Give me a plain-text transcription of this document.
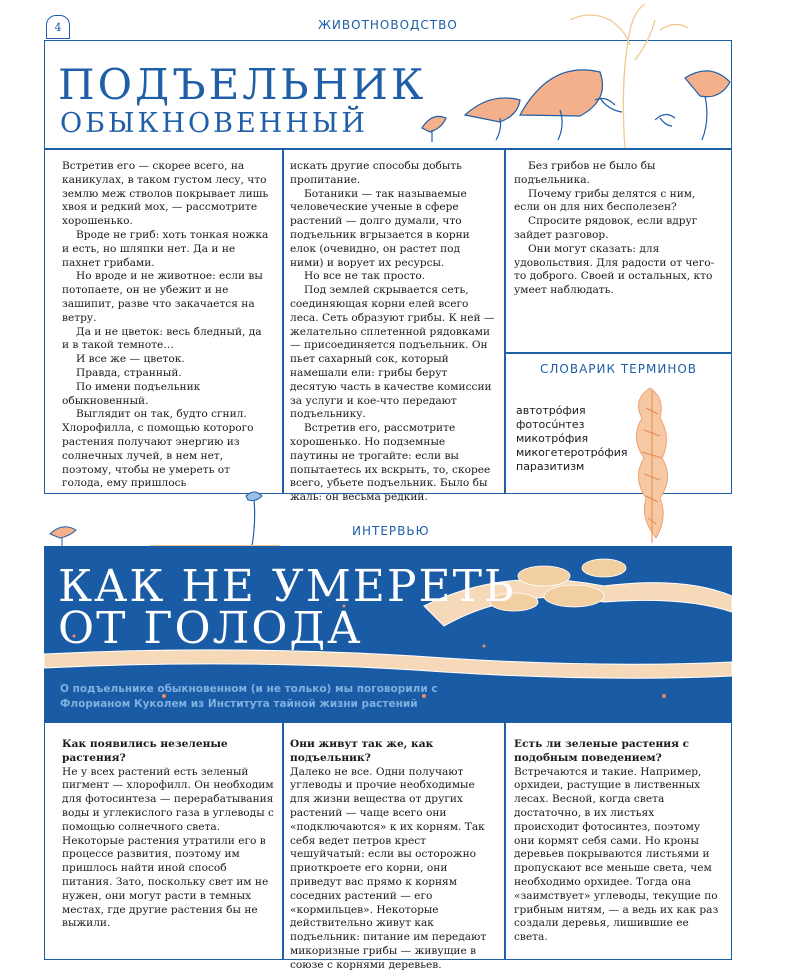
4	ЖИВОТНОВОДСТВО
ПОДЪЕЛЬНИК
ОБЫКНОВЕННЫЙ

Встретив его — скорее всего, на каникулах, в таком густом лесу, что землю меж стволов покрывает лишь хвоя и редкий мох, — рассмотрите хорошенько.

Вроде не гриб: хоть тонкая ножка и есть, но шляпки нет. Да и не пахнет грибами.

Но вроде и не животное: если вы потопаете, он не убежит и не зашипит, разве что закачается на ветру.

Да и не цветок: весь бледный, да и в такой темноте…

И все же — цветок.

Правда, странный.

По имени подъельник обыкновенный.

Выглядит он так, будто сгнил. Хлорофилла, с помощью которого растения получают энергию из солнечных лучей, в нем нет, поэтому, чтобы не умереть от голода, ему пришлось

искать другие способы добыть пропитание.

Ботаники — так называемые человеческие ученые в сфере растений — долго думали, что подъельник вгрызается в корни елок (очевидно, он растет под ними) и ворует их ресурсы.

Но все не так просто.

Под землей скрывается сеть, соединяющая корни елей всего леса. Сеть образуют грибы. К ней — желательно сплетенной рядовками — присоединяется подъельник. Он пьет сахарный сок, который намешали ели: грибы берут десятую часть в качестве комиссии за услуги и кое-что передают подъельнику.

Встретив его, рассмотрите хорошенько. Но подземные паутины не трогайте: если вы попытаетесь их вскрыть, то, скорее всего, убьете подъельник. Было бы жаль: он весьма редкий.

Без грибов не было бы подъельника.

Почему грибы делятся с ним, если он для них бесполезен?

Спросите рядовок, если вдруг зайдет разговор.

Они могут сказать: для удовольствия. Для радости от чего-то доброго. Своей и остальных, кто умеет наблюдать.

СЛОВАРИК ТЕРМИНОВ
автотрóфия
фотосúнтез
микотрóфия
микогетеротрóфия
паразитизм
ИНТЕРВЬЮ
КАК НЕ УМЕРЕТЬ
ОТ ГОЛОДА
О подъельнике обыкновенном (и не только) мы поговорили с
Флорианом Куколем из Института тайной жизни растений

Как появились незеленые растения?

Не у всех растений есть зеленый пигмент — хлорофилл. Он необходим для фотосинтеза — перерабатывания воды и углекислого газа в углеводы с помощью солнечного света. Некоторые растения утратили его в процессе развития, поэтому им пришлось найти иной способ питания. Зато, поскольку свет им не нужен, они могут расти в темных местах, где другие растения бы не выжили.

Они живут так же, как подъельник?

Далеко не все. Одни получают углеводы и прочие необходимые для жизни вещества от других растений — чаще всего они «подключаются» к их корням. Так себя ведет петров крест чешуйчатый: если вы осторожно приоткроете его корни, они приведут вас прямо к корням соседних растений — его «кормильцев». Некоторые действительно живут как подъельник: питание им передают микоризные грибы — живущие в союзе с корнями деревьев.

Есть ли зеленые растения с подобным поведением?

Встречаются и такие. Например, орхидеи, растущие в лиственных лесах. Весной, когда света достаточно, в их листьях происходит фотосинтез, поэтому они кормят себя сами. Но кроны деревьев покрываются листьями и пропускают все меньше света, чем необходимо орхидее. Тогда она «заимствует» углеводы, текущие по грибным нитям, — а ведь их как раз создали деревья, лишившие ее света.
